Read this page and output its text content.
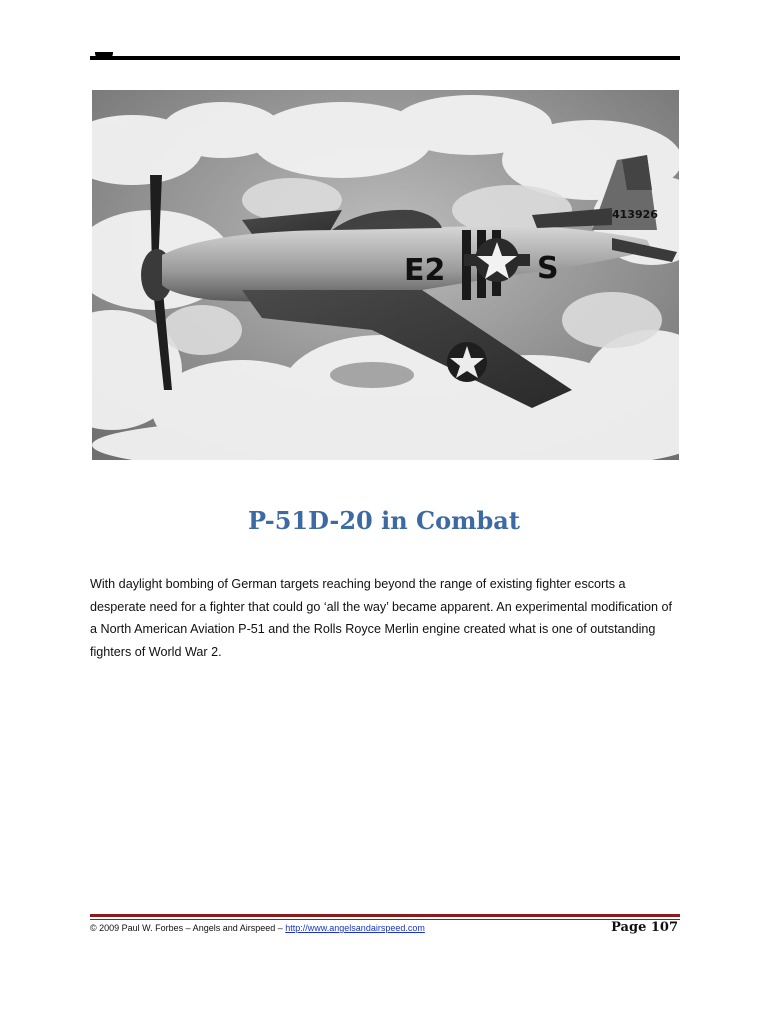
E2	S
413926
P-51D-20 in Combat
With daylight bombing of German targets reaching beyond the range of existing fighter escorts a desperate need for a fighter that could go ‘all the way’ became apparent. An experimental modification of a North American Aviation P-51 and the Rolls Royce Merlin engine created what is one of outstanding fighters of World War 2.
© 2009 Paul W. Forbes – Angels and Airspeed – http://www.angelsandairspeed.com	Page 107
